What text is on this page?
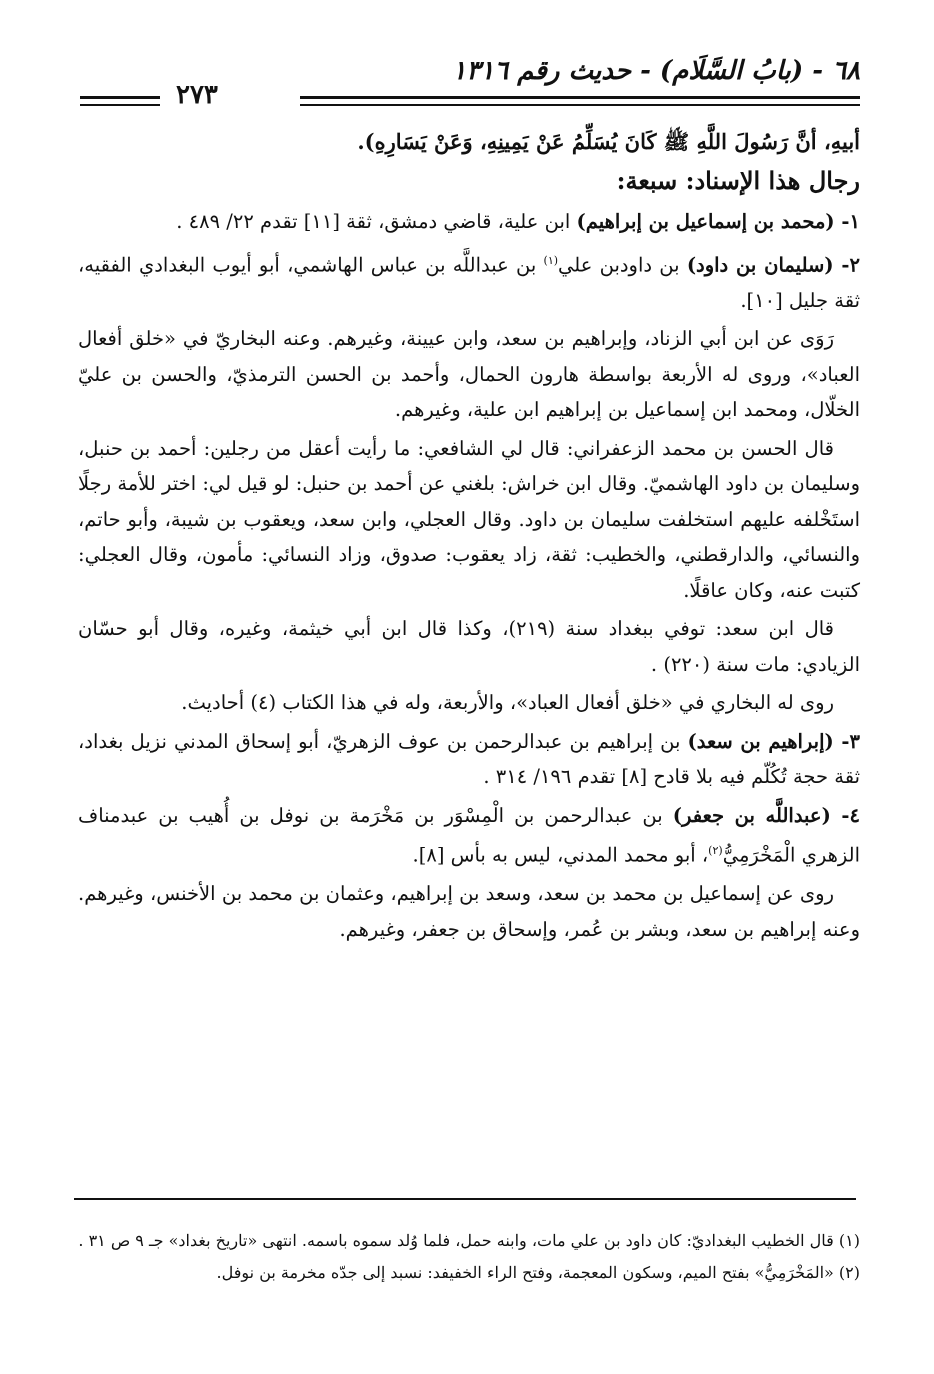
٦٨ - (بابُ السَّلَام) - حديث رقم ١٣١٦
٢٧٣

أبيهِ، أنَّ رَسُولَ اللَّهِ ﷺ كَانَ يُسَلِّمُ عَنْ يَمِينِهِ، وَعَنْ يَسَارِهِ).

رجال هذا الإسناد: سبعة:

١- (محمد بن إسماعيل بن إبراهيم) ابن علية، قاضي دمشق، ثقة [١١] تقدم ٢٢/ ٤٨٩ .

٢- (سليمان بن داود) بن داودبن علي$^{(١)}$ بن عبداللَّه بن عباس الهاشمي، أبو أيوب البغدادي الفقيه، ثقة جليل [١٠].

رَوَى عن ابن أبي الزناد، وإبراهيم بن سعد، وابن عيينة، وغيرهم. وعنه البخاريّ في «خلق أفعال العباد»، وروى له الأربعة بواسطة هارون الحمال، وأحمد بن الحسن الترمذيّ، والحسن بن عليّ الخلّال، ومحمد ابن إسماعيل بن إبراهيم ابن علية، وغيرهم.

قال الحسن بن محمد الزعفراني: قال لي الشافعي: ما رأيت أعقل من رجلين: أحمد بن حنبل، وسليمان بن داود الهاشميّ. وقال ابن خراش: بلغني عن أحمد بن حنبل: لو قيل لي: اختر للأمة رجلًا استَخْلفه عليهم استخلفت سليمان بن داود. وقال العجلي، وابن سعد، ويعقوب بن شيبة، وأبو حاتم، والنسائي، والدارقطني، والخطيب: ثقة، زاد يعقوب: صدوق، وزاد النسائي: مأمون، وقال العجلي: كتبت عنه، وكان عاقلًا.

قال ابن سعد: توفي ببغداد سنة (٢١٩)، وكذا قال ابن أبي خيثمة، وغيره، وقال أبو حسّان الزيادي: مات سنة (٢٢٠) .

روى له البخاري في «خلق أفعال العباد»، والأربعة، وله في هذا الكتاب (٤) أحاديث.

٣- (إبراهيم بن سعد) بن إبراهيم بن عبدالرحمن بن عوف الزهريّ، أبو إسحاق المدني نزيل بغداد، ثقة حجة تُكُلّم فيه بلا قادح [٨] تقدم ١٩٦/ ٣١٤ .

٤- (عبداللَّه بن جعفر) بن عبدالرحمن بن الْمِسْوَر بن مَخْرَمة بن نوفل بن أُهيب بن عبدمناف الزهري الْمَخْرَمِيُّ$^{(٢)}$، أبو محمد المدني، ليس به بأس [٨].

روى عن إسماعيل بن محمد بن سعد، وسعد بن إبراهيم، وعثمان بن محمد بن الأخنس، وغيرهم. وعنه إبراهيم بن سعد، وبشر بن عُمر، وإسحاق بن جعفر، وغيرهم.

(١) قال الخطيب البغداديّ: كان داود بن علي مات، وابنه حمل، فلما وُلد سموه باسمه. انتهى «تاريخ بغداد» جـ ٩ ص ٣١ .

(٢) «المَخْرَمِيُّ» بفتح الميم، وسكون المعجمة، وفتح الراء الخفيفد: نسبد إلى جدّه مخرمة بن نوفل.
